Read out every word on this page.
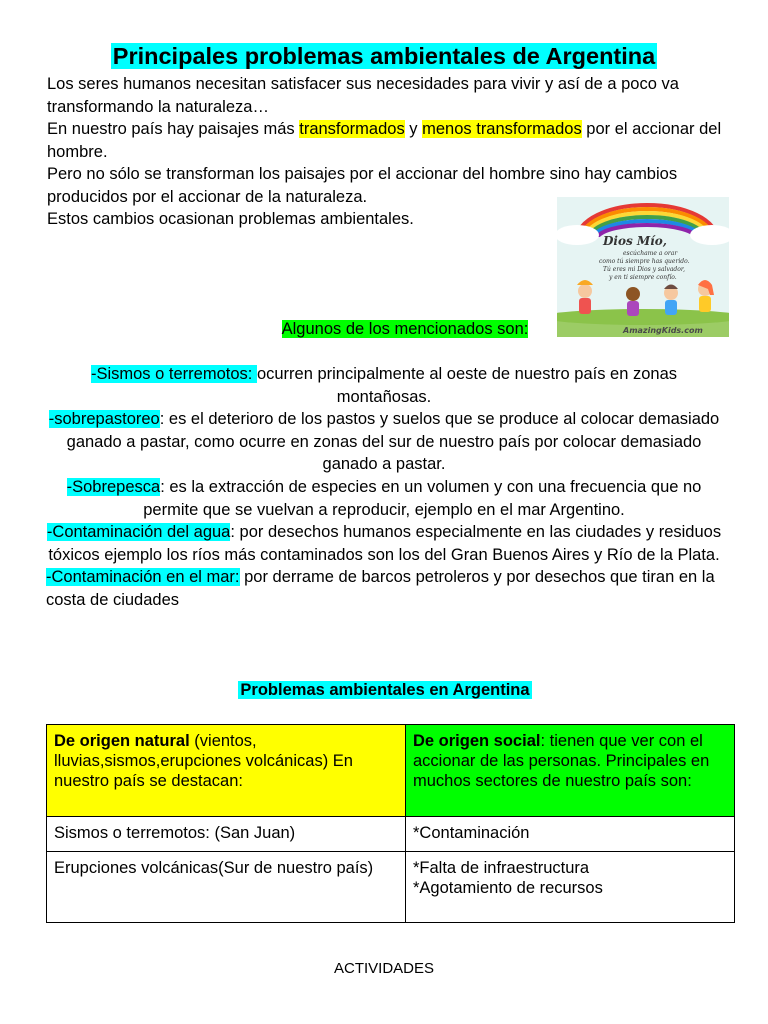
Principales problemas ambientales de Argentina

Los seres humanos necesitan satisfacer sus necesidades para vivir y así de a poco va transformando la naturaleza…

En nuestro país hay paisajes más transformados y menos transformados por el accionar del hombre.

Pero no sólo se transforman los paisajes por el accionar del hombre sino hay cambios producidos por el accionar de la naturaleza.

Estos cambios ocasionan problemas ambientales.

Dios Mío,
escúchame a orar
como tú siempre has querido.
Tú eres mi Dios y salvador,
y en ti siempre confío.
AmazingKids.com
Algunos de los mencionados son:

-Sismos o terremotos: ocurren principalmente al oeste de nuestro país en zonas montañosas.

-sobrepastoreo: es el deterioro de los pastos y suelos que se produce al colocar demasiado ganado a pastar, como ocurre en zonas del sur de nuestro país por colocar demasiado ganado a pastar.

-Sobrepesca: es la extracción de especies en un volumen y con una frecuencia que no permite que se vuelvan a reproducir, ejemplo en el mar Argentino.

-Contaminación del agua: por desechos humanos especialmente en las ciudades y residuos tóxicos ejemplo los ríos más contaminados son los del Gran Buenos Aires y Río de la Plata.

-Contaminación en el mar: por derrame de barcos petroleros y por desechos que tiran en la costa de ciudades

Problemas ambientales en Argentina

De origen natural (vientos, lluvias,sismos,erupciones volcánicas) En nuestro país se destacan:	De origen social: tienen que ver con el accionar de las personas. Principales en muchos sectores de nuestro país son:

Sismos o terremotos: (San Juan)	*Contaminación
Erupciones volcánicas(Sur de nuestro país)	*Falta de infraestructura

*Agotamiento de recursos

ACTIVIDADES
